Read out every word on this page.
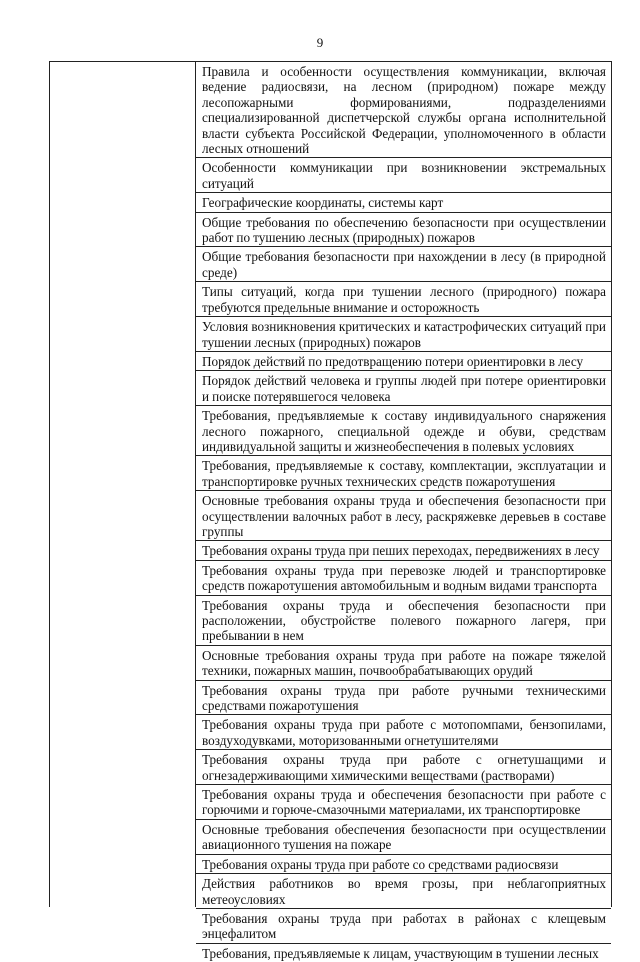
9
Правила и особенности осуществления коммуникации, включая ведение радиосвязи, на лесном (природном) пожаре между лесопожарными формированиями, подразделениями специализированной диспетчерской службы органа исполнительной власти субъекта Российской Федерации, уполномоченного в области лесных отношений
Особенности коммуникации при возникновении экстремальных ситуаций
Географические координаты, системы карт
Общие требования по обеспечению безопасности при осуществлении работ по тушению лесных (природных) пожаров
Общие требования безопасности при нахождении в лесу (в природной среде)
Типы ситуаций, когда при тушении лесного (природного) пожара требуются предельные внимание и осторожность
Условия возникновения критических и катастрофических ситуаций при тушении лесных (природных) пожаров
Порядок действий по предотвращению потери ориентировки в лесу
Порядок действий человека и группы людей при потере ориентировки и поиске потерявшегося человека
Требования, предъявляемые к составу индивидуального снаряжения лесного пожарного, специальной одежде и обуви, средствам индивидуальной защиты и жизнеобеспечения в полевых условиях
Требования, предъявляемые к составу, комплектации, эксплуатации и транспортировке ручных технических средств пожаротушения
Основные требования охраны труда и обеспечения безопасности при осуществлении валочных работ в лесу, раскряжевке деревьев в составе группы
Требования охраны труда при пеших переходах, передвижениях в лесу
Требования охраны труда при перевозке людей и транспортировке средств пожаротушения автомобильным и водным видами транспорта
Требования охраны труда и обеспечения безопасности при расположении, обустройстве полевого пожарного лагеря, при пребывании в нем
Основные требования охраны труда при работе на пожаре тяжелой техники, пожарных машин, почвообрабатывающих орудий
Требования охраны труда при работе ручными техническими средствами пожаротушения
Требования охраны труда при работе с мотопомпами, бензопилами, воздуходувками, моторизованными огнетушителями
Требования охраны труда при работе с огнетушащими и огнезадерживающими химическими веществами (растворами)
Требования охраны труда и обеспечения безопасности при работе с горючими и горюче-смазочными материалами, их транспортировке
Основные требования обеспечения безопасности при осуществлении авиационного тушения на пожаре
Требования охраны труда при работе со средствами радиосвязи
Действия работников во время грозы, при неблагоприятных метеоусловиях
Требования охраны труда при работах в районах с клещевым энцефалитом
Требования, предъявляемые к лицам, участвующим в тушении лесных
